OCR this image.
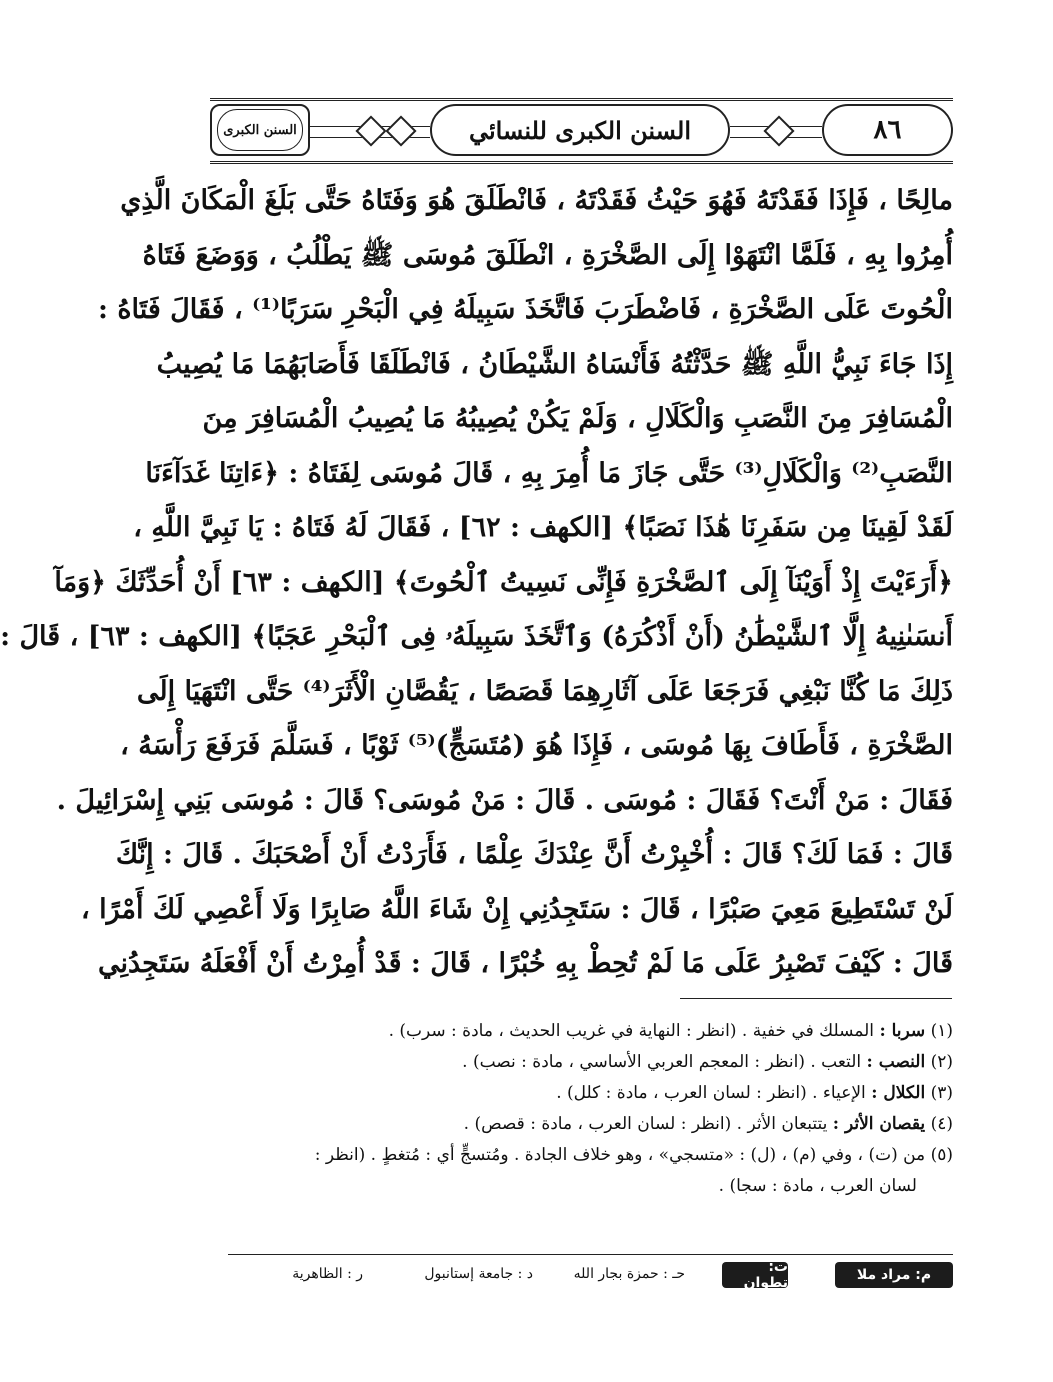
السنن الكبرى	السنن الكبرى للنسائي	٨٦
مالِحًا ، فَإِذَا فَقَدْتَهُ فَهُوَ حَيْثُ فَقَدْتَهُ ، فَانْطَلَقَ هُوَ وَفَتَاهُ حَتَّى بَلَغَ الْمَكَانَ الَّذِي
أُمِرُوا بِهِ ، فَلَمَّا انْتَهَوْا إِلَى الصَّخْرَةِ ، انْطَلَقَ مُوسَى ﷺ يَطْلُبُ ، وَوَضَعَ فَتَاهُ
الْحُوتَ عَلَى الصَّخْرَةِ ، فَاضْطَرَبَ فَاتَّخَذَ سَبِيلَهُ فِي الْبَحْرِ سَرَبًا⁽¹⁾ ، فَقَالَ فَتَاهُ :
إِذَا جَاءَ نَبِيُّ اللَّهِ ﷺ حَدَّثْتُهُ فَأَنْسَاهُ الشَّيْطَانُ ، فَانْطَلَقَا فَأَصَابَهُمَا مَا يُصِيبُ
الْمُسَافِرَ مِنَ النَّصَبِ وَالْكَلَالِ ، وَلَمْ يَكُنْ يُصِيبُهُ مَا يُصِيبُ الْمُسَافِرَ مِنَ
النَّصَبِ⁽²⁾ وَالْكَلَالِ⁽³⁾ حَتَّى جَازَ مَا أُمِرَ بِهِ ، قَالَ مُوسَى لِفَتَاهُ : ﴿ءَاتِنَا غَدَآءَنَا
لَقَدْ لَقِينَا مِن سَفَرِنَا هَٰذَا نَصَبًا﴾ [الكهف : ٦٢] ، فَقَالَ لَهُ فَتَاهُ : يَا نَبِيَّ اللَّهِ ،
﴿أَرَءَيْتَ إِذْ أَوَيْنَآ إِلَى ٱلصَّخْرَةِ فَإِنِّى نَسِيتُ ٱلْحُوتَ﴾ [الكهف : ٦٣] أَنْ أُحَدِّثَكَ ﴿وَمَآ
أَنسَىٰنِيهُ إِلَّا ٱلشَّيْطَٰنُ (أَنْ أَذْكُرَهُ) وَٱتَّخَذَ سَبِيلَهُۥ فِى ٱلْبَحْرِ عَجَبًا﴾ [الكهف : ٦٣] ، قَالَ :
ذَلِكَ مَا كُنَّا نَبْغِي فَرَجَعَا عَلَى آثَارِهِمَا قَصَصًا ، يَقُصَّانِ الْأَثَرَ⁽⁴⁾ حَتَّى انْتَهَيَا إِلَى
الصَّخْرَةِ ، فَأَطَافَ بِهَا مُوسَى ، فَإِذَا هُوَ (مُتَسَجٍّ)⁽⁵⁾ ثَوْبًا ، فَسَلَّمَ فَرَفَعَ رَأْسَهُ ،
فَقَالَ : مَنْ أَنْتَ؟ فَقَالَ : مُوسَى . قَالَ : مَنْ مُوسَى؟ قَالَ : مُوسَى بَنِي إِسْرَائِيلَ .
قَالَ : فَمَا لَكَ؟ قَالَ : أُخْبِرْتُ أَنَّ عِنْدَكَ عِلْمًا ، فَأَرَدْتُ أَنْ أَصْحَبَكَ . قَالَ : إِنَّكَ
لَنْ تَسْتَطِيعَ مَعِيَ صَبْرًا ، قَالَ : سَتَجِدُنِي إِنْ شَاءَ اللَّهُ صَابِرًا وَلَا أَعْصِي لَكَ أَمْرًا ،
قَالَ : كَيْفَ تَصْبِرُ عَلَى مَا لَمْ تُحِطْ بِهِ خُبْرًا ، قَالَ : قَدْ أُمِرْتُ أَنْ أَفْعَلَهُ سَتَجِدُنِي
(١) سربا : المسلك في خفية . (انظر : النهاية في غريب الحديث ، مادة : سرب) .
(٢) النصب : التعب . (انظر : المعجم العربي الأساسي ، مادة : نصب) .
(٣) الكلال : الإعياء . (انظر : لسان العرب ، مادة : كلل) .
(٤) يقصان الأثر : يتتبعان الأثر . (انظر : لسان العرب ، مادة : قصص) .
(٥) من (ت) ، وفي (م) ، (ل) : «متسجي» ، وهو خلاف الجادة . ومُتسجٍّ أي : مُتغطٍ . (انظر :
لسان العرب ، مادة : سجا) .
م: مراد ملا
ت: تطوان
حـ : حمزة بجار الله
د : جامعة إستانبول
ر : الظاهرية
